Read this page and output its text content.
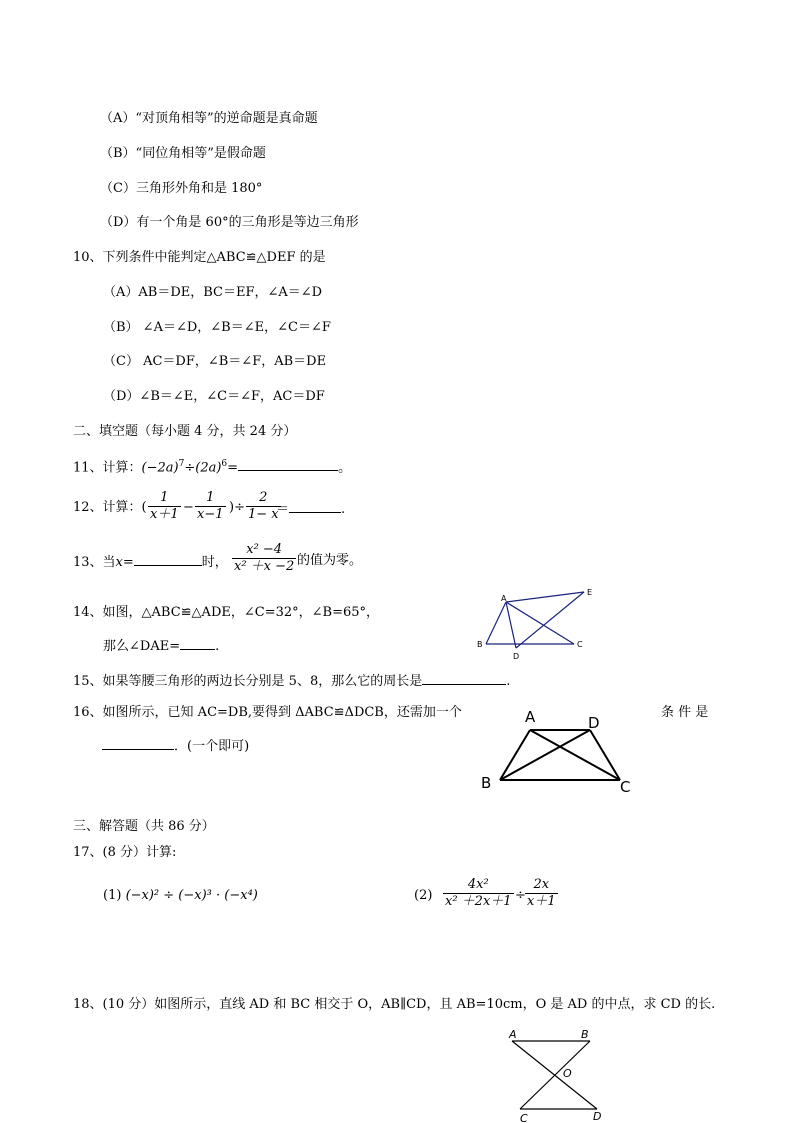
（A）“对顶角相等”的逆命题是真命题
（B）“同位角相等”是假命题
（C）三角形外角和是 180°
（D）有一个角是 60°的三角形是等边三角形
10、下列条件中能判定△ABC≌△DEF 的是
（A）AB＝DE，BC＝EF，∠A＝∠D
（B） ∠A＝∠D，∠B＝∠E，∠C＝∠F
（C） AC＝DF，∠B＝∠F，AB＝DE
（D）∠B＝∠E，∠C＝∠F，AC＝DF
二、填空题（每小题 4 分，共 24 分）
11、计算：$(-2a)^7\div(2a)^6=$	。
12、计算：( $\frac{1}{x+1} - \frac{1}{x-1}$ )÷ $\frac{2}{1- x}$
＝	.
13、当x=	时， $\frac{\text{x² −4}}{\text{x² ＋x −2}}$ 的值为零。
14、如图，△ABC≌△ADE，∠C=32°，∠B=65°，
那么∠DAE=	.
A
B	C
D
E
15、如果等腰三角形的两边长分别是 5、8，那么它的周长是	.
16、如图所示，已知 AC=DB,要得到 ΔABC≌ΔDCB，还需加一个	条 件 是
．(一个即可)
A	D
B	C
三、解答题（共 86 分）
17、(8 分）计算:
(1) (−x)² ÷ (−x)³ · (−x⁴)	$(2) \frac{\text{4x²}}{\text{x² ＋2x＋1}} \div \frac{2x}{x+1}$
18、(10 分）如图所示，直线 AD 和 BC 相交于 O，AB∥CD，且 AB=10cm，O 是 AD 的中点，求 CD 的长.
A	B
O
C	D
